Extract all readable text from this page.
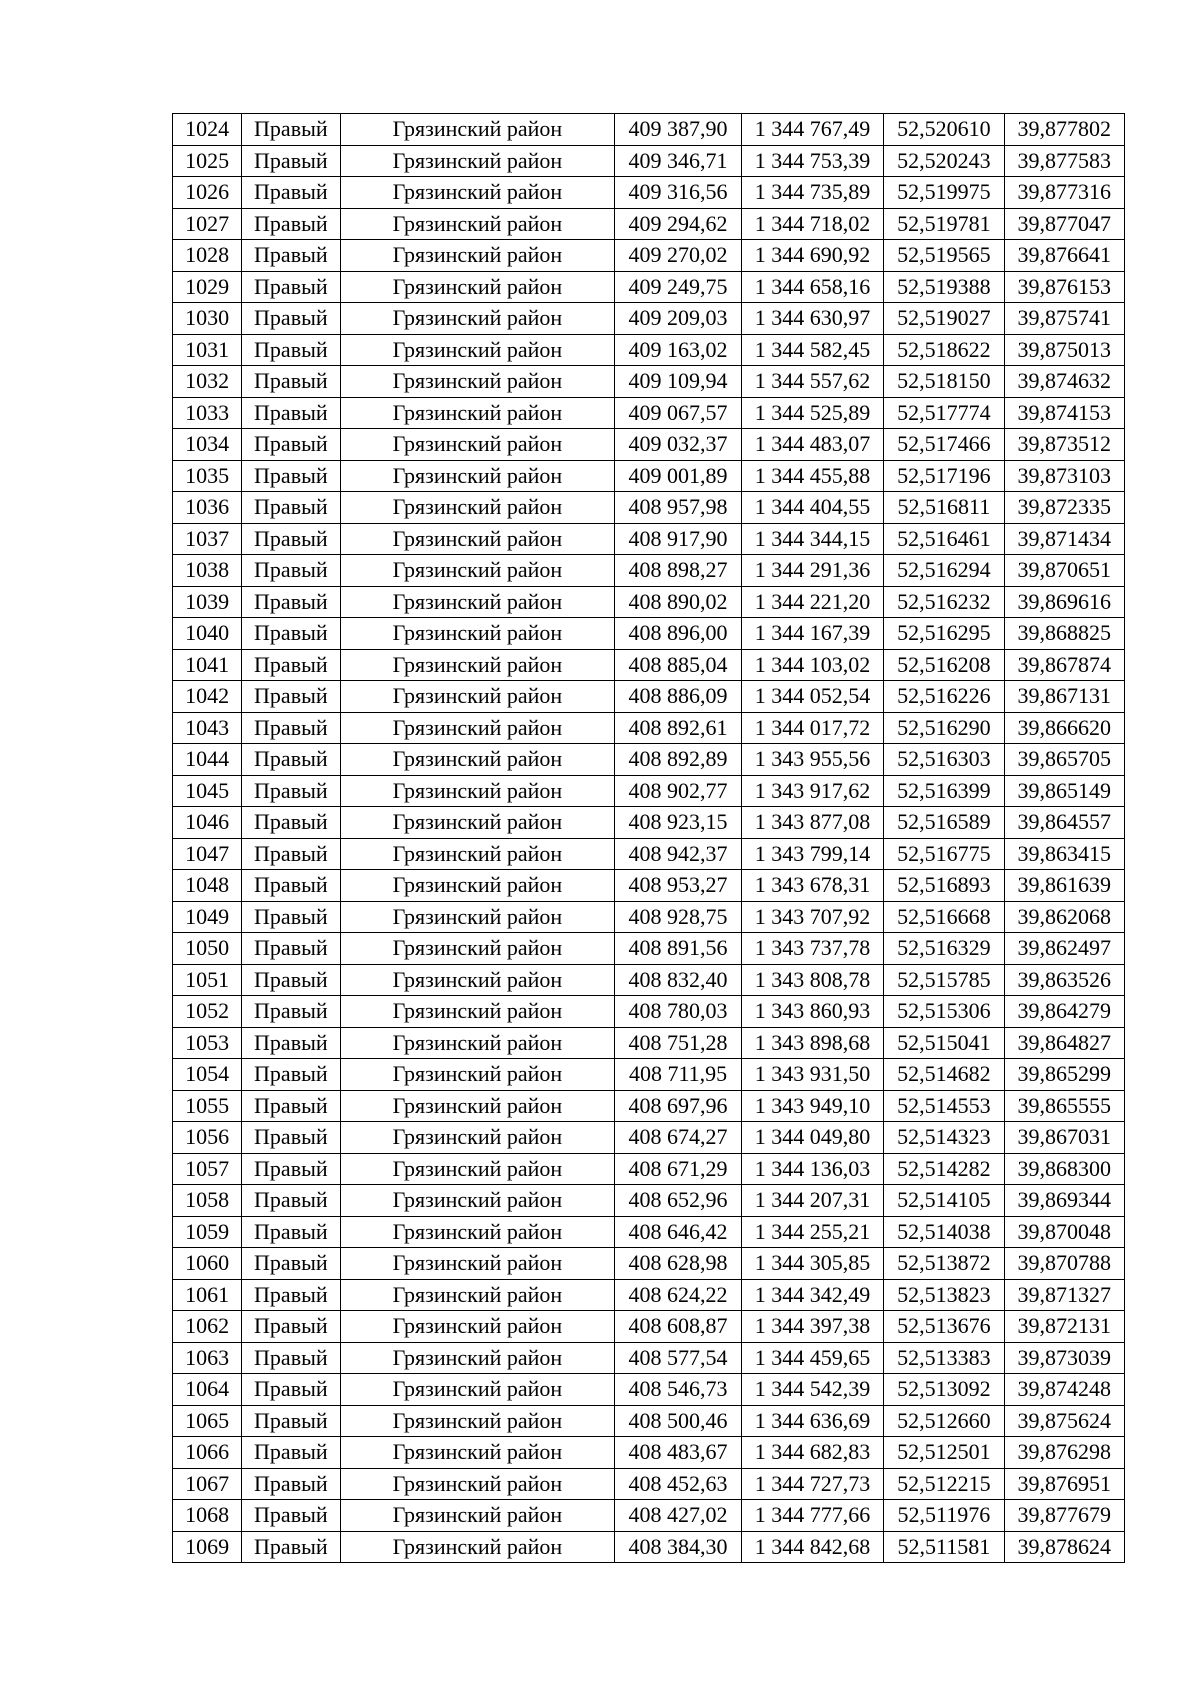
1024	Правый	Грязинский район	409 387,90	1 344 767,49	52,520610	39,877802
1025	Правый	Грязинский район	409 346,71	1 344 753,39	52,520243	39,877583
1026	Правый	Грязинский район	409 316,56	1 344 735,89	52,519975	39,877316
1027	Правый	Грязинский район	409 294,62	1 344 718,02	52,519781	39,877047
1028	Правый	Грязинский район	409 270,02	1 344 690,92	52,519565	39,876641
1029	Правый	Грязинский район	409 249,75	1 344 658,16	52,519388	39,876153
1030	Правый	Грязинский район	409 209,03	1 344 630,97	52,519027	39,875741
1031	Правый	Грязинский район	409 163,02	1 344 582,45	52,518622	39,875013
1032	Правый	Грязинский район	409 109,94	1 344 557,62	52,518150	39,874632
1033	Правый	Грязинский район	409 067,57	1 344 525,89	52,517774	39,874153
1034	Правый	Грязинский район	409 032,37	1 344 483,07	52,517466	39,873512
1035	Правый	Грязинский район	409 001,89	1 344 455,88	52,517196	39,873103
1036	Правый	Грязинский район	408 957,98	1 344 404,55	52,516811	39,872335
1037	Правый	Грязинский район	408 917,90	1 344 344,15	52,516461	39,871434
1038	Правый	Грязинский район	408 898,27	1 344 291,36	52,516294	39,870651
1039	Правый	Грязинский район	408 890,02	1 344 221,20	52,516232	39,869616
1040	Правый	Грязинский район	408 896,00	1 344 167,39	52,516295	39,868825
1041	Правый	Грязинский район	408 885,04	1 344 103,02	52,516208	39,867874
1042	Правый	Грязинский район	408 886,09	1 344 052,54	52,516226	39,867131
1043	Правый	Грязинский район	408 892,61	1 344 017,72	52,516290	39,866620
1044	Правый	Грязинский район	408 892,89	1 343 955,56	52,516303	39,865705
1045	Правый	Грязинский район	408 902,77	1 343 917,62	52,516399	39,865149
1046	Правый	Грязинский район	408 923,15	1 343 877,08	52,516589	39,864557
1047	Правый	Грязинский район	408 942,37	1 343 799,14	52,516775	39,863415
1048	Правый	Грязинский район	408 953,27	1 343 678,31	52,516893	39,861639
1049	Правый	Грязинский район	408 928,75	1 343 707,92	52,516668	39,862068
1050	Правый	Грязинский район	408 891,56	1 343 737,78	52,516329	39,862497
1051	Правый	Грязинский район	408 832,40	1 343 808,78	52,515785	39,863526
1052	Правый	Грязинский район	408 780,03	1 343 860,93	52,515306	39,864279
1053	Правый	Грязинский район	408 751,28	1 343 898,68	52,515041	39,864827
1054	Правый	Грязинский район	408 711,95	1 343 931,50	52,514682	39,865299
1055	Правый	Грязинский район	408 697,96	1 343 949,10	52,514553	39,865555
1056	Правый	Грязинский район	408 674,27	1 344 049,80	52,514323	39,867031
1057	Правый	Грязинский район	408 671,29	1 344 136,03	52,514282	39,868300
1058	Правый	Грязинский район	408 652,96	1 344 207,31	52,514105	39,869344
1059	Правый	Грязинский район	408 646,42	1 344 255,21	52,514038	39,870048
1060	Правый	Грязинский район	408 628,98	1 344 305,85	52,513872	39,870788
1061	Правый	Грязинский район	408 624,22	1 344 342,49	52,513823	39,871327
1062	Правый	Грязинский район	408 608,87	1 344 397,38	52,513676	39,872131
1063	Правый	Грязинский район	408 577,54	1 344 459,65	52,513383	39,873039
1064	Правый	Грязинский район	408 546,73	1 344 542,39	52,513092	39,874248
1065	Правый	Грязинский район	408 500,46	1 344 636,69	52,512660	39,875624
1066	Правый	Грязинский район	408 483,67	1 344 682,83	52,512501	39,876298
1067	Правый	Грязинский район	408 452,63	1 344 727,73	52,512215	39,876951
1068	Правый	Грязинский район	408 427,02	1 344 777,66	52,511976	39,877679
1069	Правый	Грязинский район	408 384,30	1 344 842,68	52,511581	39,878624
